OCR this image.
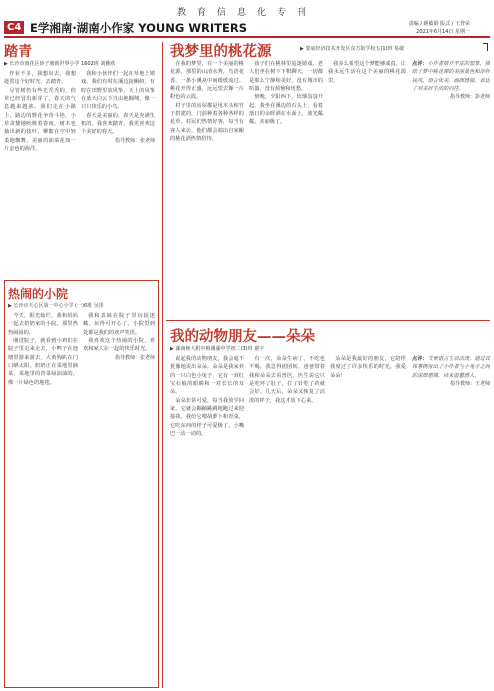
教育信息化专刊
C4 E学湘南·湖南小作家 YOUNG WRITERS	责编 / 姚敏娟 版式 / 王誉荣
2021年6月14日 星期一
踏青
▶ 长沙市雨花区砂子塘新世界小学 1602班 刘雅欣

作业不多，我想出去，我想趁着这个好时光，去踏青。

尽管树仍有些光秃秃的，但草已经冒出新芽了，春天的气息越来越浓。我们走在小路上，路边的野花争奇斗艳，小草贪婪地吮吸着春雨，树木也抽出新的枝叶，柳絮在空中轻柔地飘舞，美丽的油菜花如一片金色的海洋。

我和小伙伴们一起在草地上嬉戏，我们有时在溪边捉蝌蚪，有时在田野里放风筝，天上的风筝在蓝天白云下自由地翱翔，像一只只快乐的小鸟。

春天是美丽的，春天是充满生机的。我喜欢踏青，我更喜欢这个美好的春天。

指导教师：张老师
热闹的小院
▶ 长沙市天心区第一中心小学 (一)6班 吴彤

今天，阳光灿烂，我和妈妈一起去奶奶家的小院，那里热热闹闹的。

刚进院子，就看到小鸡们在院子里走来走去，小鸭子在池塘里游来游去，大黄狗趴在门口晒太阳。奶奶正在菜地里摘菜，菜地里的青菜绿油油的，像一片绿色的地毯。

我和表妹在院子里玩捉迷藏，玩得可开心了。小院里到处都是我们的欢声笑语。

我喜欢这个热闹的小院，喜欢和家人在一起的快乐时光。

指导教师：张老师
我梦里的桃花源	▶ 娄底经济技术开发区东方街学校五(1)班 易敏

在我的梦里，有一个美丽的桃花源。那里的山清水秀，鸟语花香，一条小溪从中间缓缓流过。桃花开得正盛，远远望去像一片粉色的云霞。

村子里的房屋都是用木头和竹子搭建的，门前种着各种各样的花草。村民们热情好客，每当有客人来访，他们都会端出自家酿的桃花酒热情招待。

孩子们在桃林里追逐嬉戏，老人们坐在树下下棋聊天，一切都是那么宁静和美好。没有城市的喧嚣，没有烦恼和忧愁。

傍晚，夕阳西下，炊烟袅袅升起。我坐在溪边的石头上，看着落日的余晖洒在水面上，波光粼粼，美丽极了。

我多么希望这个梦能够成真，让我永远生活在这个美丽的桃花源里。

点评：小作者展开丰富的想象，描绘了梦中桃花源的美丽景色和淳朴民风，语言优美，画面感强，表达了对美好生活的向往。
指导教师：彭老师
我的动物朋友——朵朵
▶ 湖南师大附中梅溪湖中学初二(3)班 谢宇

说起我的动物朋友，我会毫不犹豫地说出朵朵。朵朵是我家养的一只白色小兔子，它有一双红宝石般的眼睛和一对长长的耳朵。

朵朵非常可爱，每当我放学回家，它就会蹦蹦跳跳地跑过来迎接我。我给它喂胡萝卜和青菜，它吃东西的样子可爱极了，小嘴巴一动一动的。

有一次，朵朵生病了，不吃也不喝，我急得团团转。爸爸带着我和朵朵去看兽医，医生说它只是吃坏了肚子，打了针吃了药就会好。几天后，朵朵又恢复了活泼的样子，我这才放下心来。

朵朵是我最好的朋友，它陪伴我度过了许多快乐的时光。我爱朵朵！

点评：文章语言生动活泼，通过具体事例写出了小作者与小兔子之间的深厚感情，读来温馨感人。
指导教师：王老师
